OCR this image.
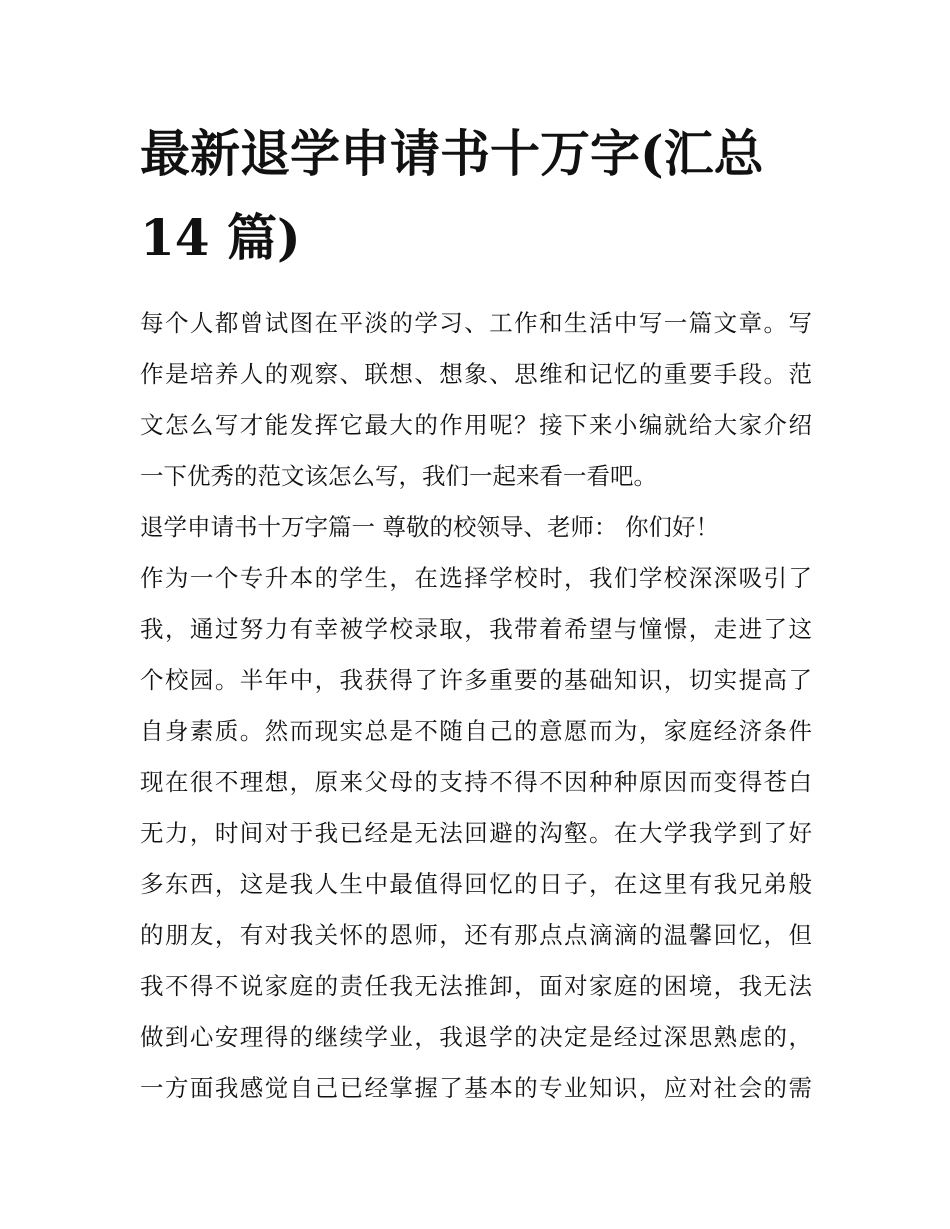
最新退学申请书十万字(汇总
14 篇)
每个人都曾试图在平淡的学习、工作和生活中写一篇文章。写
作是培养人的观察、联想、想象、思维和记忆的重要手段。范
文怎么写才能发挥它最大的作用呢？接下来小编就给大家介绍
一下优秀的范文该怎么写，我们一起来看一看吧。
退学申请书十万字篇一 尊敬的校领导、老师： 你们好！
作为一个专升本的学生，在选择学校时，我们学校深深吸引了
我，通过努力有幸被学校录取，我带着希望与憧憬，走进了这
个校园。半年中，我获得了许多重要的基础知识，切实提高了
自身素质。然而现实总是不随自己的意愿而为，家庭经济条件
现在很不理想，原来父母的支持不得不因种种原因而变得苍白
无力，时间对于我已经是无法回避的沟壑。在大学我学到了好
多东西，这是我人生中最值得回忆的日子，在这里有我兄弟般
的朋友，有对我关怀的恩师，还有那点点滴滴的温馨回忆，但
我不得不说家庭的责任我无法推卸，面对家庭的困境，我无法
做到心安理得的继续学业，我退学的决定是经过深思熟虑的，
一方面我感觉自己已经掌握了基本的专业知识，应对社会的需
